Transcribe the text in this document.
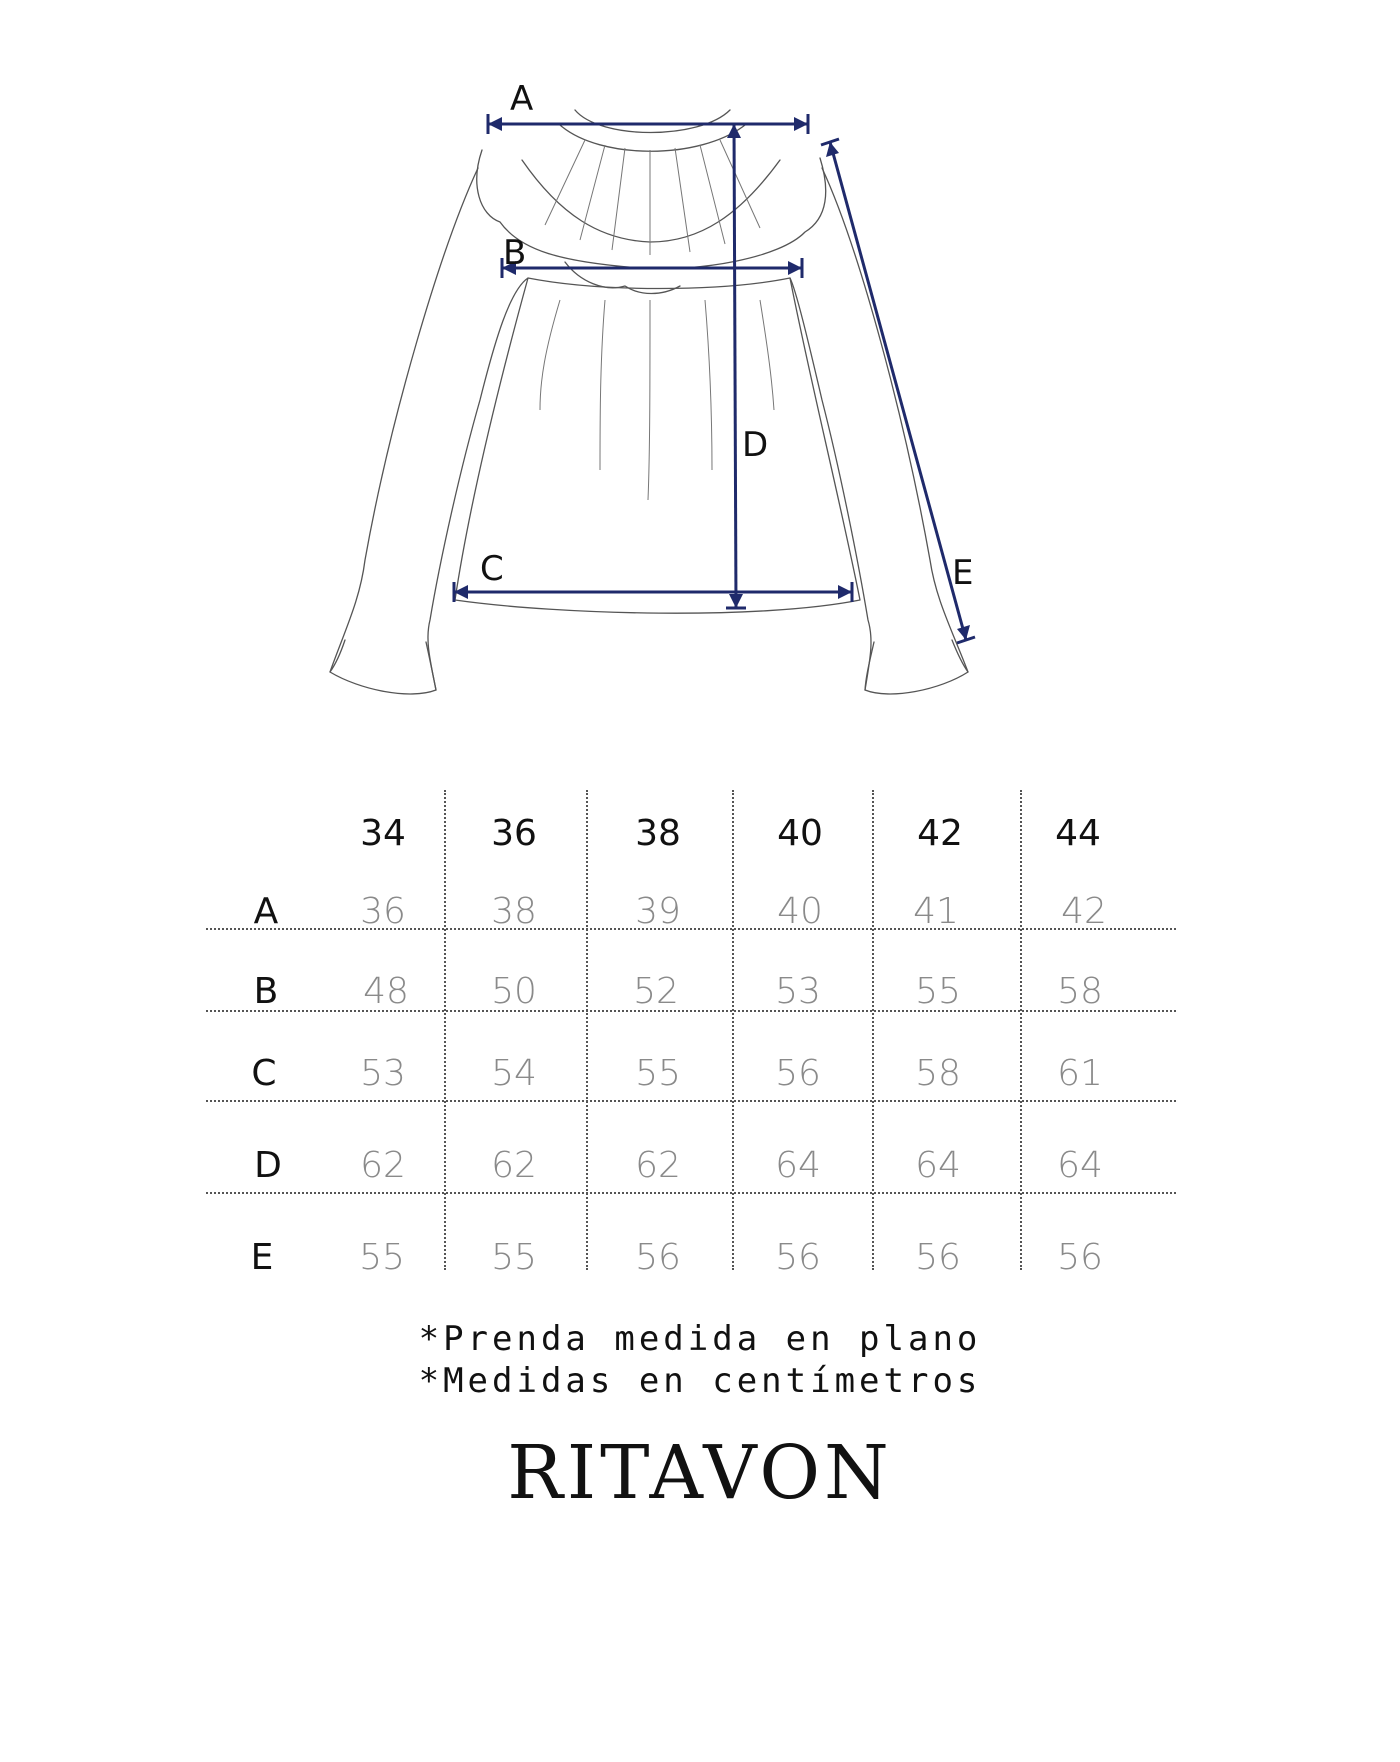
A
B
C
D
E
34	36	38	40	42	44
A	36	38	39	40	41	42
B	48	50	52	53	55	58
C	53	54	55	56	58	61
D	62	62	62	64	64	64
E	55	55	56	56	56	56
*Prenda medida en plano
*Medidas en centímetros
RITAVON
